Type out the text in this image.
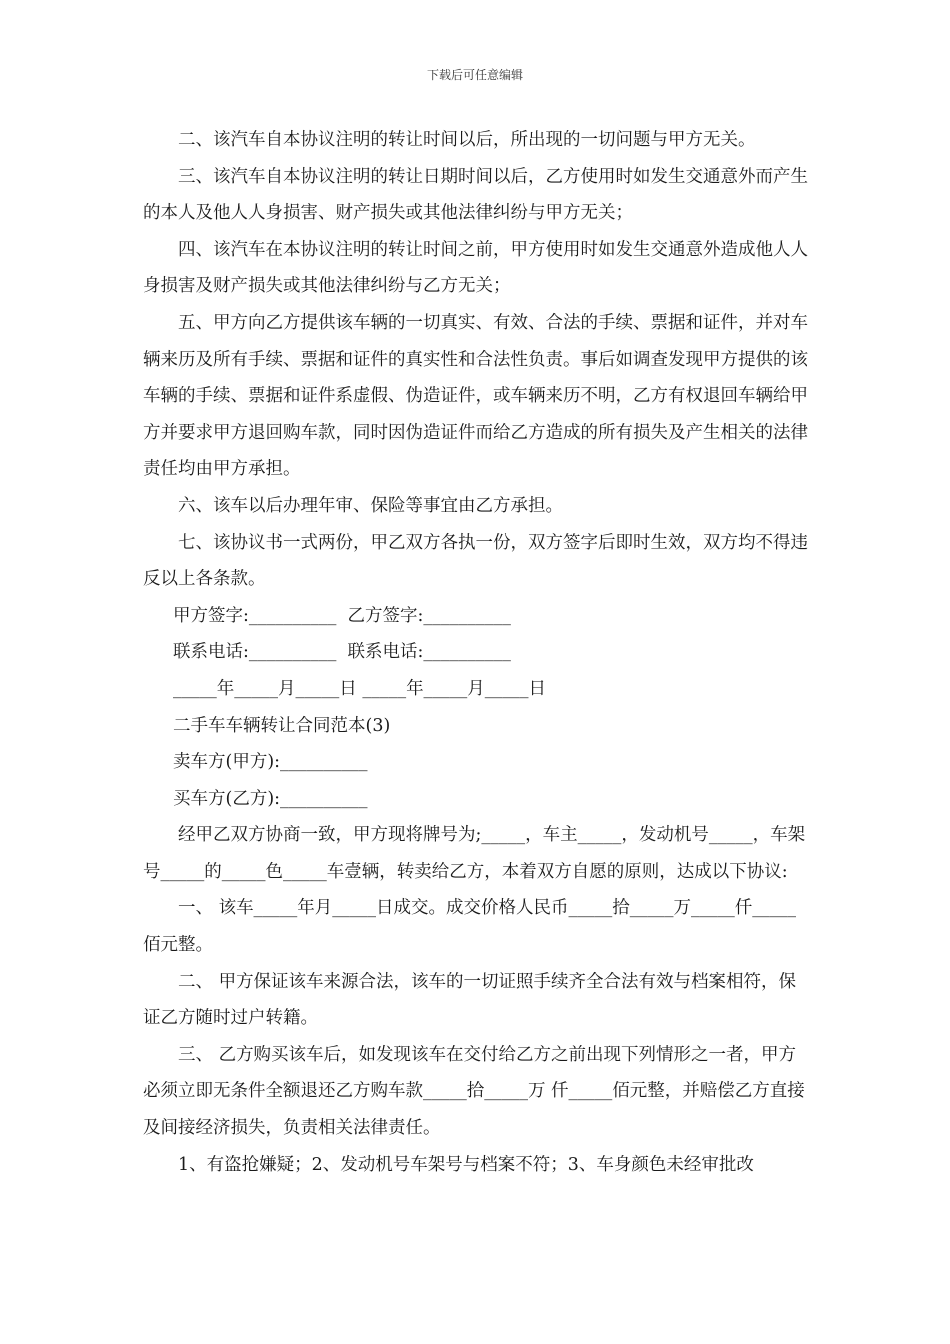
下载后可任意编辑

二、该汽车自本协议注明的转让时间以后，所出现的一切问题与甲方无关。

三、该汽车自本协议注明的转让日期时间以后，乙方使用时如发生交通意外而产生的本人及他人人身损害、财产损失或其他法律纠纷与甲方无关；

四、该汽车在本协议注明的转让时间之前，甲方使用时如发生交通意外造成他人人身损害及财产损失或其他法律纠纷与乙方无关；

五、甲方向乙方提供该车辆的一切真实、有效、合法的手续、票据和证件，并对车辆来历及所有手续、票据和证件的真实性和合法性负责。事后如调查发现甲方提供的该车辆的手续、票据和证件系虚假、伪造证件，或车辆来历不明，乙方有权退回车辆给甲方并要求甲方退回购车款，同时因伪造证件而给乙方造成的所有损失及产生相关的法律责任均由甲方承担。

六、该车以后办理年审、保险等事宜由乙方承担。

七、该协议书一式两份，甲乙双方各执一份，双方签字后即时生效，双方均不得违反以上各条款。

甲方签字:__________  乙方签字:__________

联系电话:__________  联系电话:__________

_____年_____月_____日 _____年_____月_____日

二手车车辆转让合同范本(3)

卖车方(甲方):__________

买车方(乙方):__________

经甲乙双方协商一致，甲方现将牌号为;_____，车主_____，发动机号_____，车架号_____的_____色_____车壹辆，转卖给乙方，本着双方自愿的原则，达成以下协议:

一、 该车_____年月_____日成交。成交价格人民币_____拾_____万_____仟_____佰元整。

二、 甲方保证该车来源合法，该车的一切证照手续齐全合法有效与档案相符，保证乙方随时过户转籍。

三、 乙方购买该车后，如发现该车在交付给乙方之前出现下列情形之一者，甲方必须立即无条件全额退还乙方购车款_____拾_____万 仟_____佰元整，并赔偿乙方直接及间接经济损失，负责相关法律责任。

1、有盗抢嫌疑；2、发动机号车架号与档案不符；3、车身颜色未经审批改
